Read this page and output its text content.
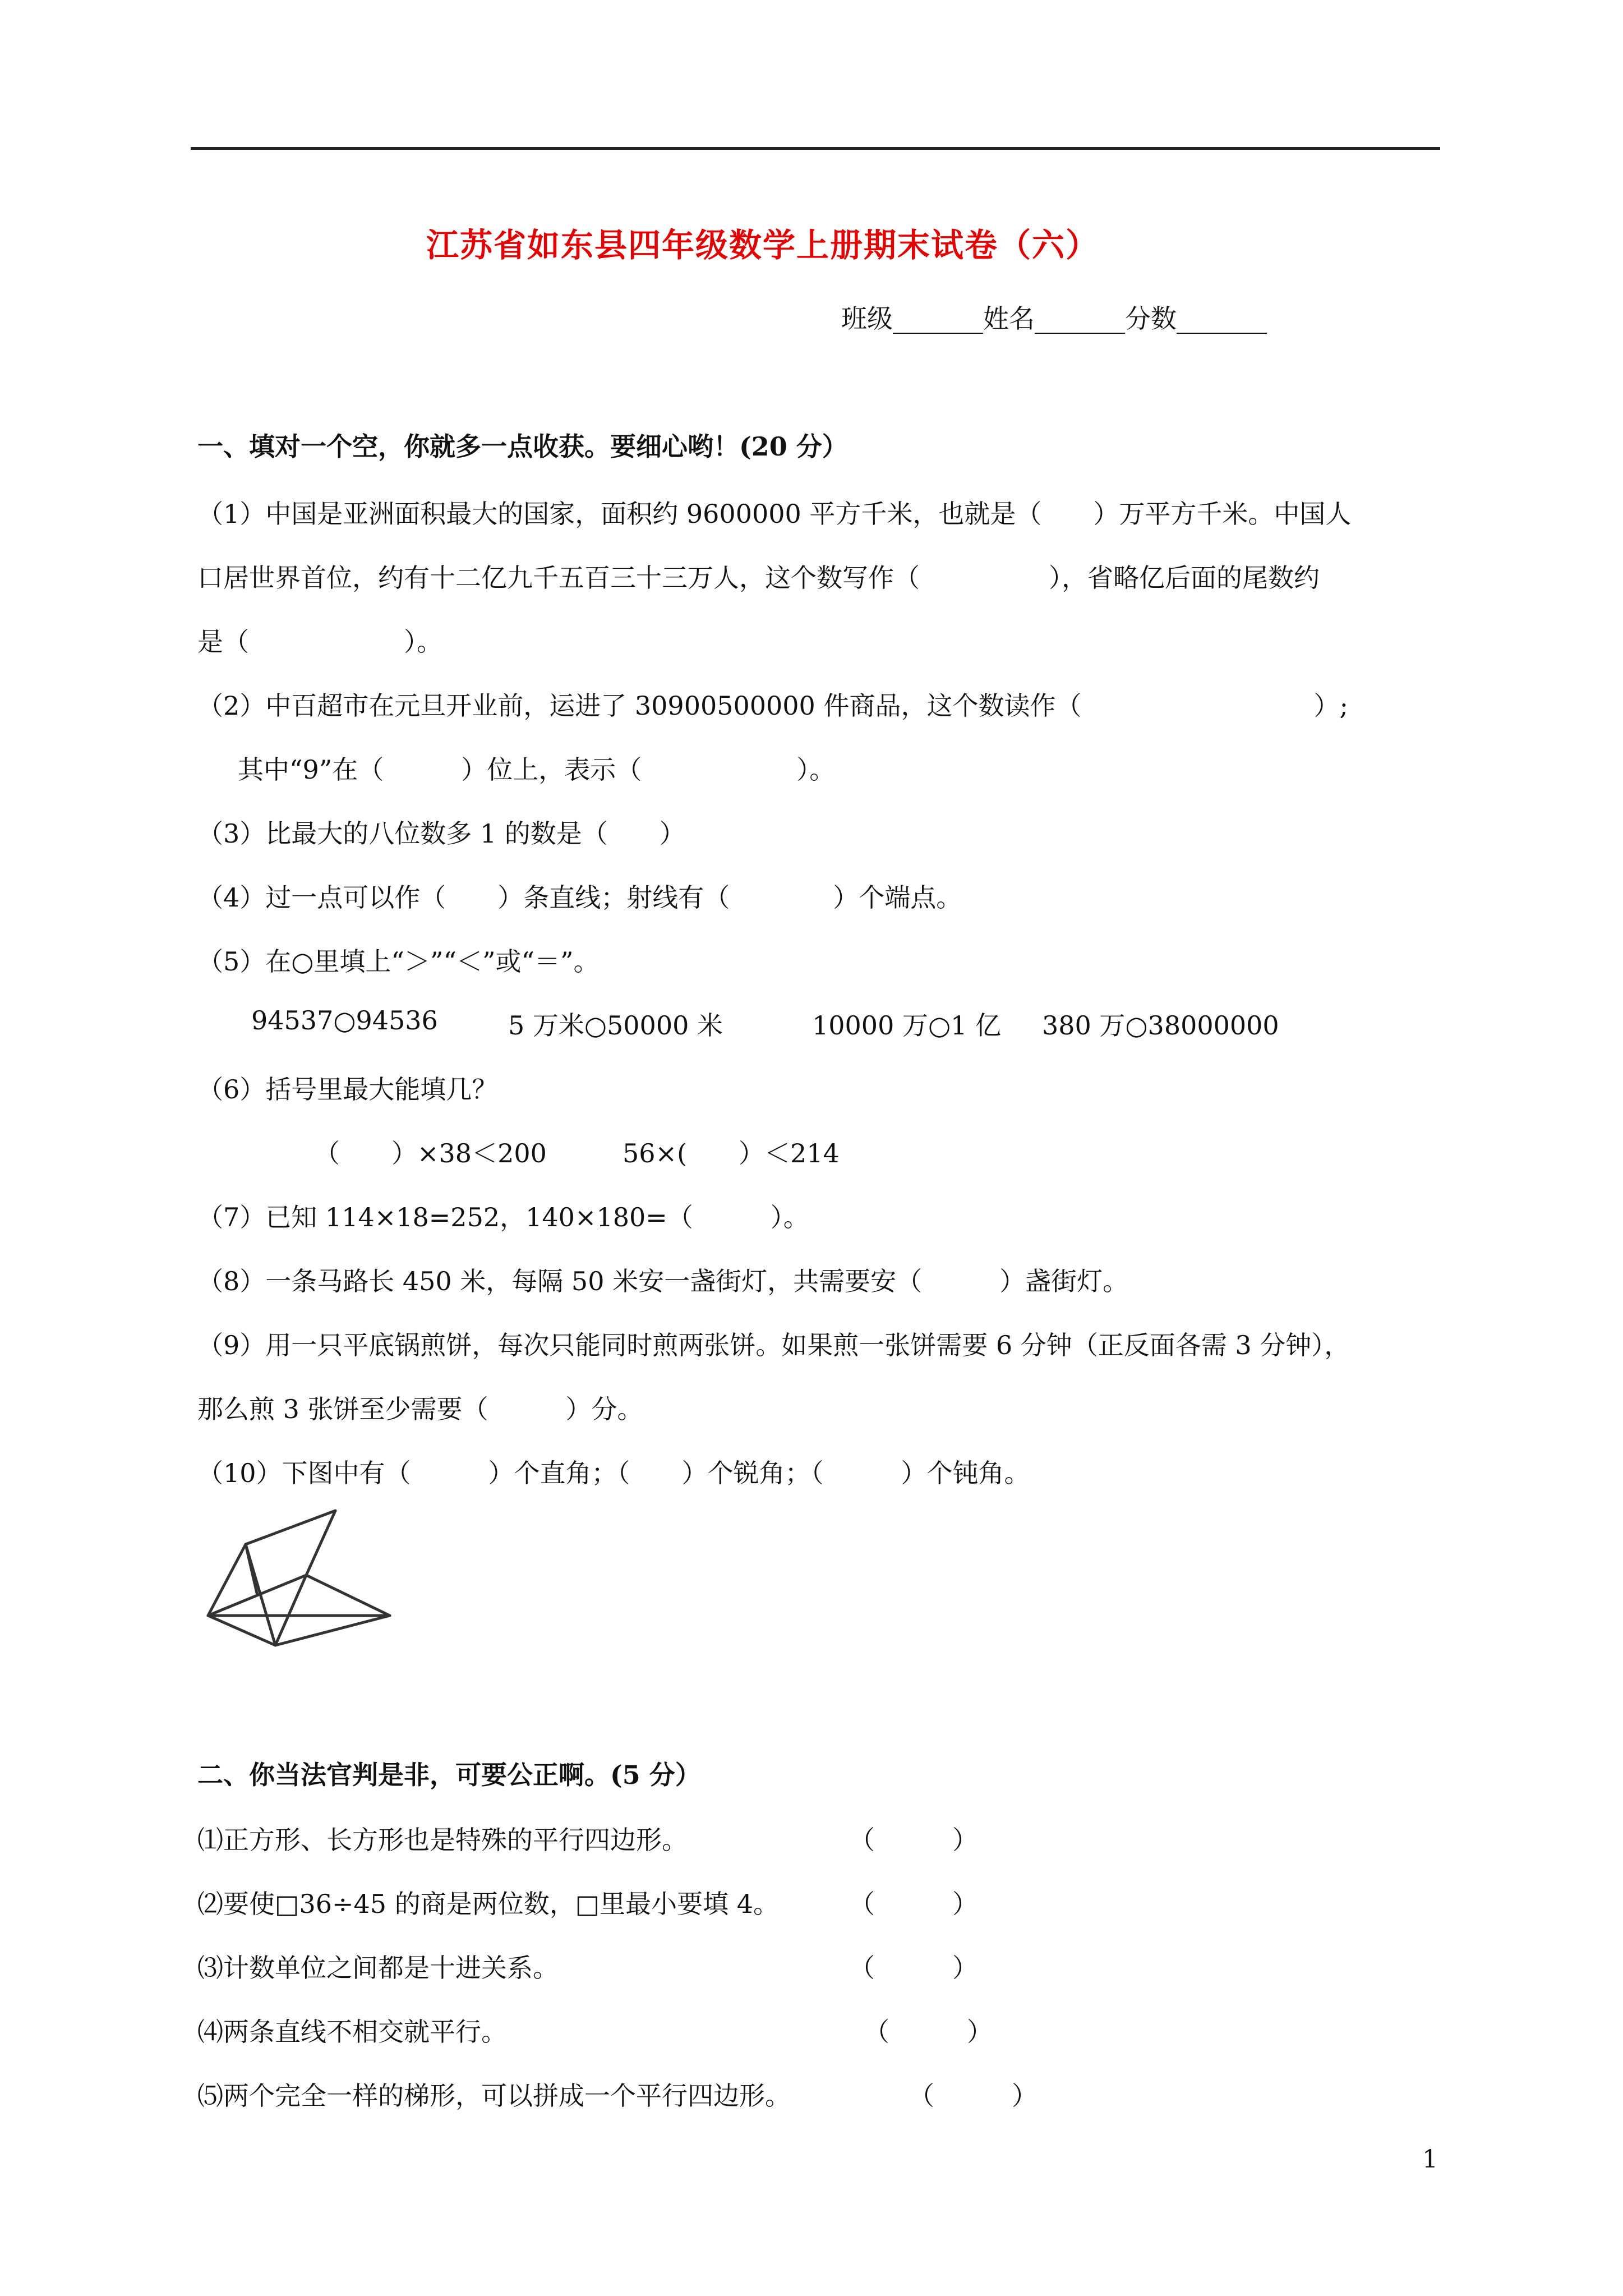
江苏省如东县四年级数学上册期末试卷（六）
班级_______姓名_______分数_______
一、填对一个空，你就多一点收获。要细心哟！(20 分）
（1）中国是亚洲面积最大的国家，面积约 9600000 平方千米，也就是（　　）万平方千米。中国人
口居世界首位，约有十二亿九千五百三十三万人，这个数写作（　　　　　），省略亿后面的尾数约
是（　　　　　　）。
（2）中百超市在元旦开业前，运进了 30900500000 件商品，这个数读作（　　　　　　　　　）;
其中“9”在（　　　）位上，表示（　　　　　　）。
（3）比最大的八位数多 1 的数是（　　）
（4）过一点可以作（　　）条直线；射线有（　　　　）个端点。
（5）在○里填上“＞”“＜”或“＝”。
94537○94536	5 万米○50000 米	10000 万○1 亿 380 万○38000000
（6）括号里最大能填几？
（　　）×38＜200	56×(　　）＜214
（7）已知 114×18=252，140×180=（　　　）。
（8）一条马路长 450 米，每隔 50 米安一盏街灯，共需要安（　　　）盏街灯。
（9）用一只平底锅煎饼，每次只能同时煎两张饼。如果煎一张饼需要 6 分钟（正反面各需 3 分钟），
那么煎 3 张饼至少需要（　　　）分。
（10）下图中有（　　　）个直角；（　　）个锐角；（　　　）个钝角。
二、你当法官判是非，可要公正啊。(5 分）
⑴正方形、长方形也是特殊的平行四边形。	（　　　）
⑵要使□36÷45 的商是两位数，□里最小要填 4。	（　　　）
⑶计数单位之间都是十进关系。	（　　　）
⑷两条直线不相交就平行。	（　　　）
⑸两个完全一样的梯形，可以拼成一个平行四边形。	（　　　）
1
